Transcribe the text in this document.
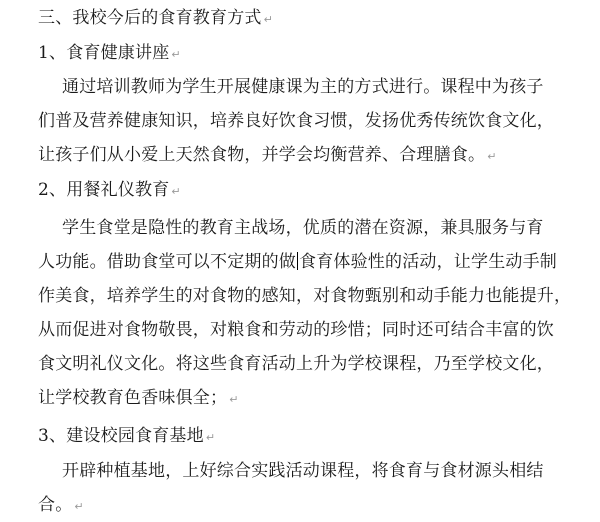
三、我校今后的食育教育方式 ↵
1、食育健康讲座 ↵
通过培训教师为学生开展健康课为主的方式进行。课程中为孩子
们普及营养健康知识，培养良好饮食习惯，发扬优秀传统饮食文化，
让孩子们从小爱上天然食物，并学会均衡营养、合理膳食。 ↵
2、用餐礼仪教育 ↵
学生食堂是隐性的教育主战场，优质的潜在资源，兼具服务与育
人功能。借助食堂可以不定期的做 食育体验性的活动，让学生动手制
作美食，培养学生的对食物的感知，对食物甄别和动手能力也能提升，
从而促进对食物敬畏，对粮食和劳动的珍惜；同时还可结合丰富的饮
食文明礼仪文化。将这些食育活动上升为学校课程，乃至学校文化，
让学校教育色香味俱全； ↵
3、建设校园食育基地 ↵
开辟种植基地，上好综合实践活动课程，将食育与食材源头相结
合。 ↵
